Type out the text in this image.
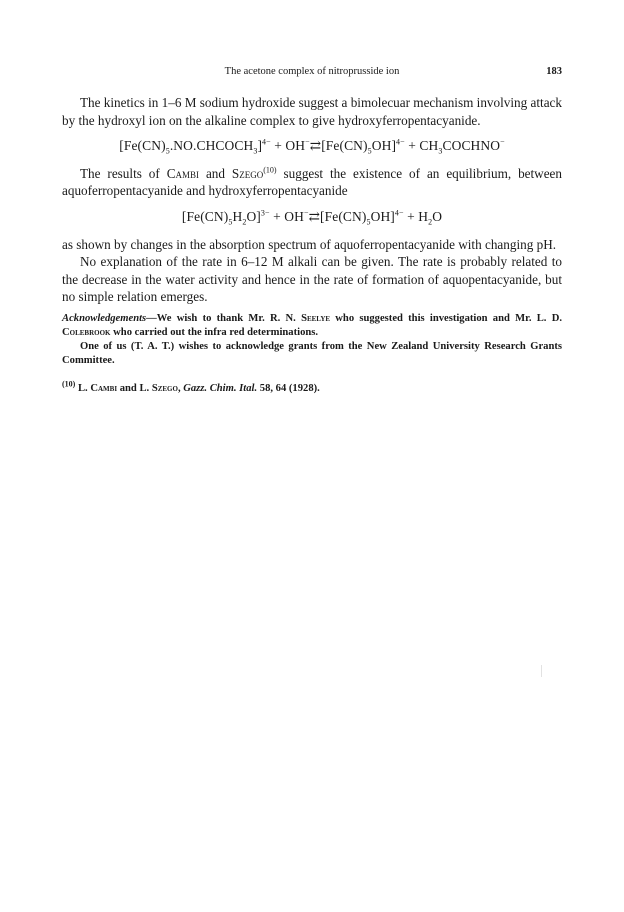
The acetone complex of nitroprusside ion	183

The kinetics in 1–6 M sodium hydroxide suggest a bimolecuar mechanism involving attack by the hydroxyl ion on the alkaline complex to give hydroxyferropentacyanide.

$[Fe(CN)_5.NO.CHCOCH_3]^{4-}$ + $OH^-⇄[Fe(CN)_5OH]^{4-}$ + $CH_3COCHNO^-$

The results of Cambi and Szego$^{(10)}$ suggest the existence of an equilibrium, between aquoferropentacyanide and hydroxyferropentacyanide

$[Fe(CN)_5H_2O]^{3-}$ + $OH^-⇄[Fe(CN)_5OH]^{4-} + H_2O$

as shown by changes in the absorption spectrum of aquoferropentacyanide with changing pH.

No explanation of the rate in 6–12 M alkali can be given. The rate is probably related to the decrease in the water activity and hence in the rate of formation of aquopentacyanide, but no simple relation emerges.

Acknowledgements—We wish to thank Mr. R. N. Seelye who suggested this investigation and Mr. L. D. Colebrook who carried out the infra red determinations.

One of us (T. A. T.) wishes to acknowledge grants from the New Zealand University Research Grants Committee.

$^{(10)}$ L. Cambi and L. Szego, Gazz. Chim. Ital. 58, 64 (1928).
